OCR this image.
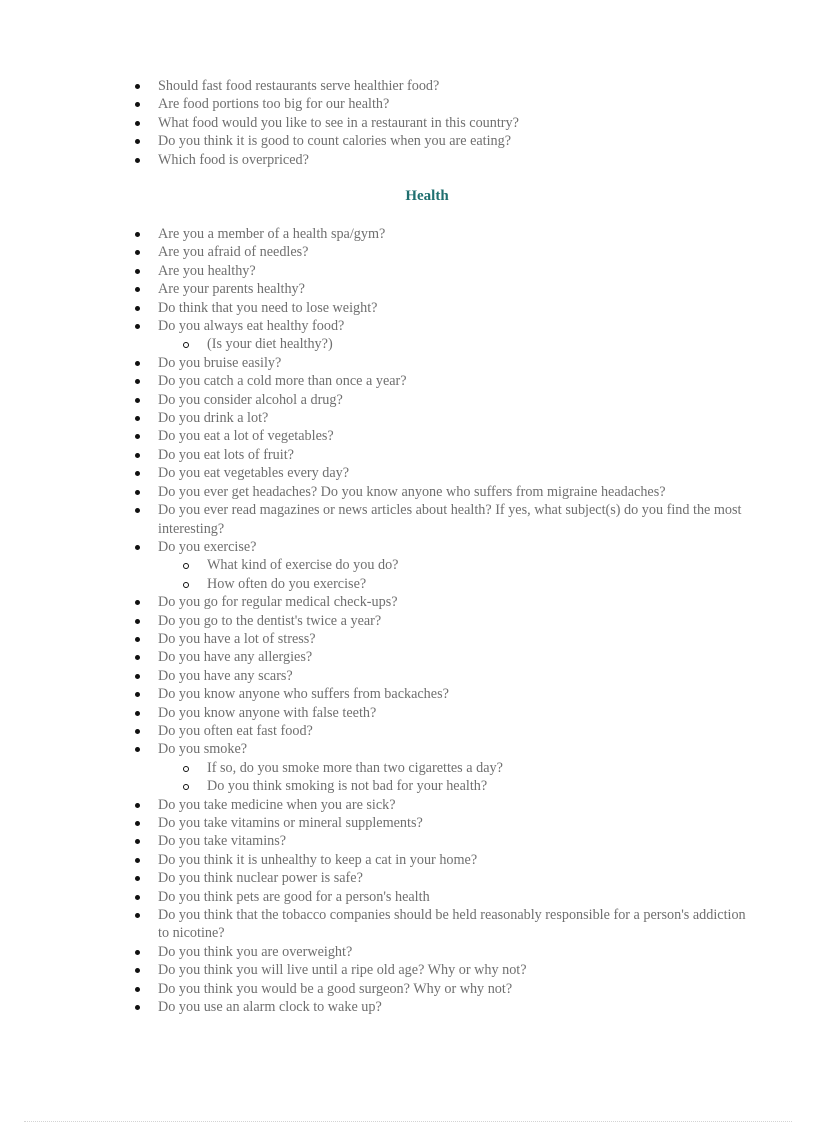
Should fast food restaurants serve healthier food?
Are food portions too big for our health?
What food would you like to see in a restaurant in this country?
Do you think it is good to count calories when you are eating?
Which food is overpriced?
Health
Are you a member of a health spa/gym?
Are you afraid of needles?
Are you healthy?
Are your parents healthy?
Do think that you need to lose weight?
Do you always eat healthy food?
(Is your diet healthy?)
Do you bruise easily?
Do you catch a cold more than once a year?
Do you consider alcohol a drug?
Do you drink a lot?
Do you eat a lot of vegetables?
Do you eat lots of fruit?
Do you eat vegetables every day?
Do you ever get headaches? Do you know anyone who suffers from migraine headaches?
Do you ever read magazines or news articles about health? If yes, what subject(s) do you find the most interesting?
Do you exercise?
What kind of exercise do you do?
How often do you exercise?
Do you go for regular medical check-ups?
Do you go to the dentist's twice a year?
Do you have a lot of stress?
Do you have any allergies?
Do you have any scars?
Do you know anyone who suffers from backaches?
Do you know anyone with false teeth?
Do you often eat fast food?
Do you smoke?
If so, do you smoke more than two cigarettes a day?
Do you think smoking is not bad for your health?
Do you take medicine when you are sick?
Do you take vitamins or mineral supplements?
Do you take vitamins?
Do you think it is unhealthy to keep a cat in your home?
Do you think nuclear power is safe?
Do you think pets are good for a person's health
Do you think that the tobacco companies should be held reasonably responsible for a person's addiction to nicotine?
Do you think you are overweight?
Do you think you will live until a ripe old age? Why or why not?
Do you think you would be a good surgeon? Why or why not?
Do you use an alarm clock to wake up?
